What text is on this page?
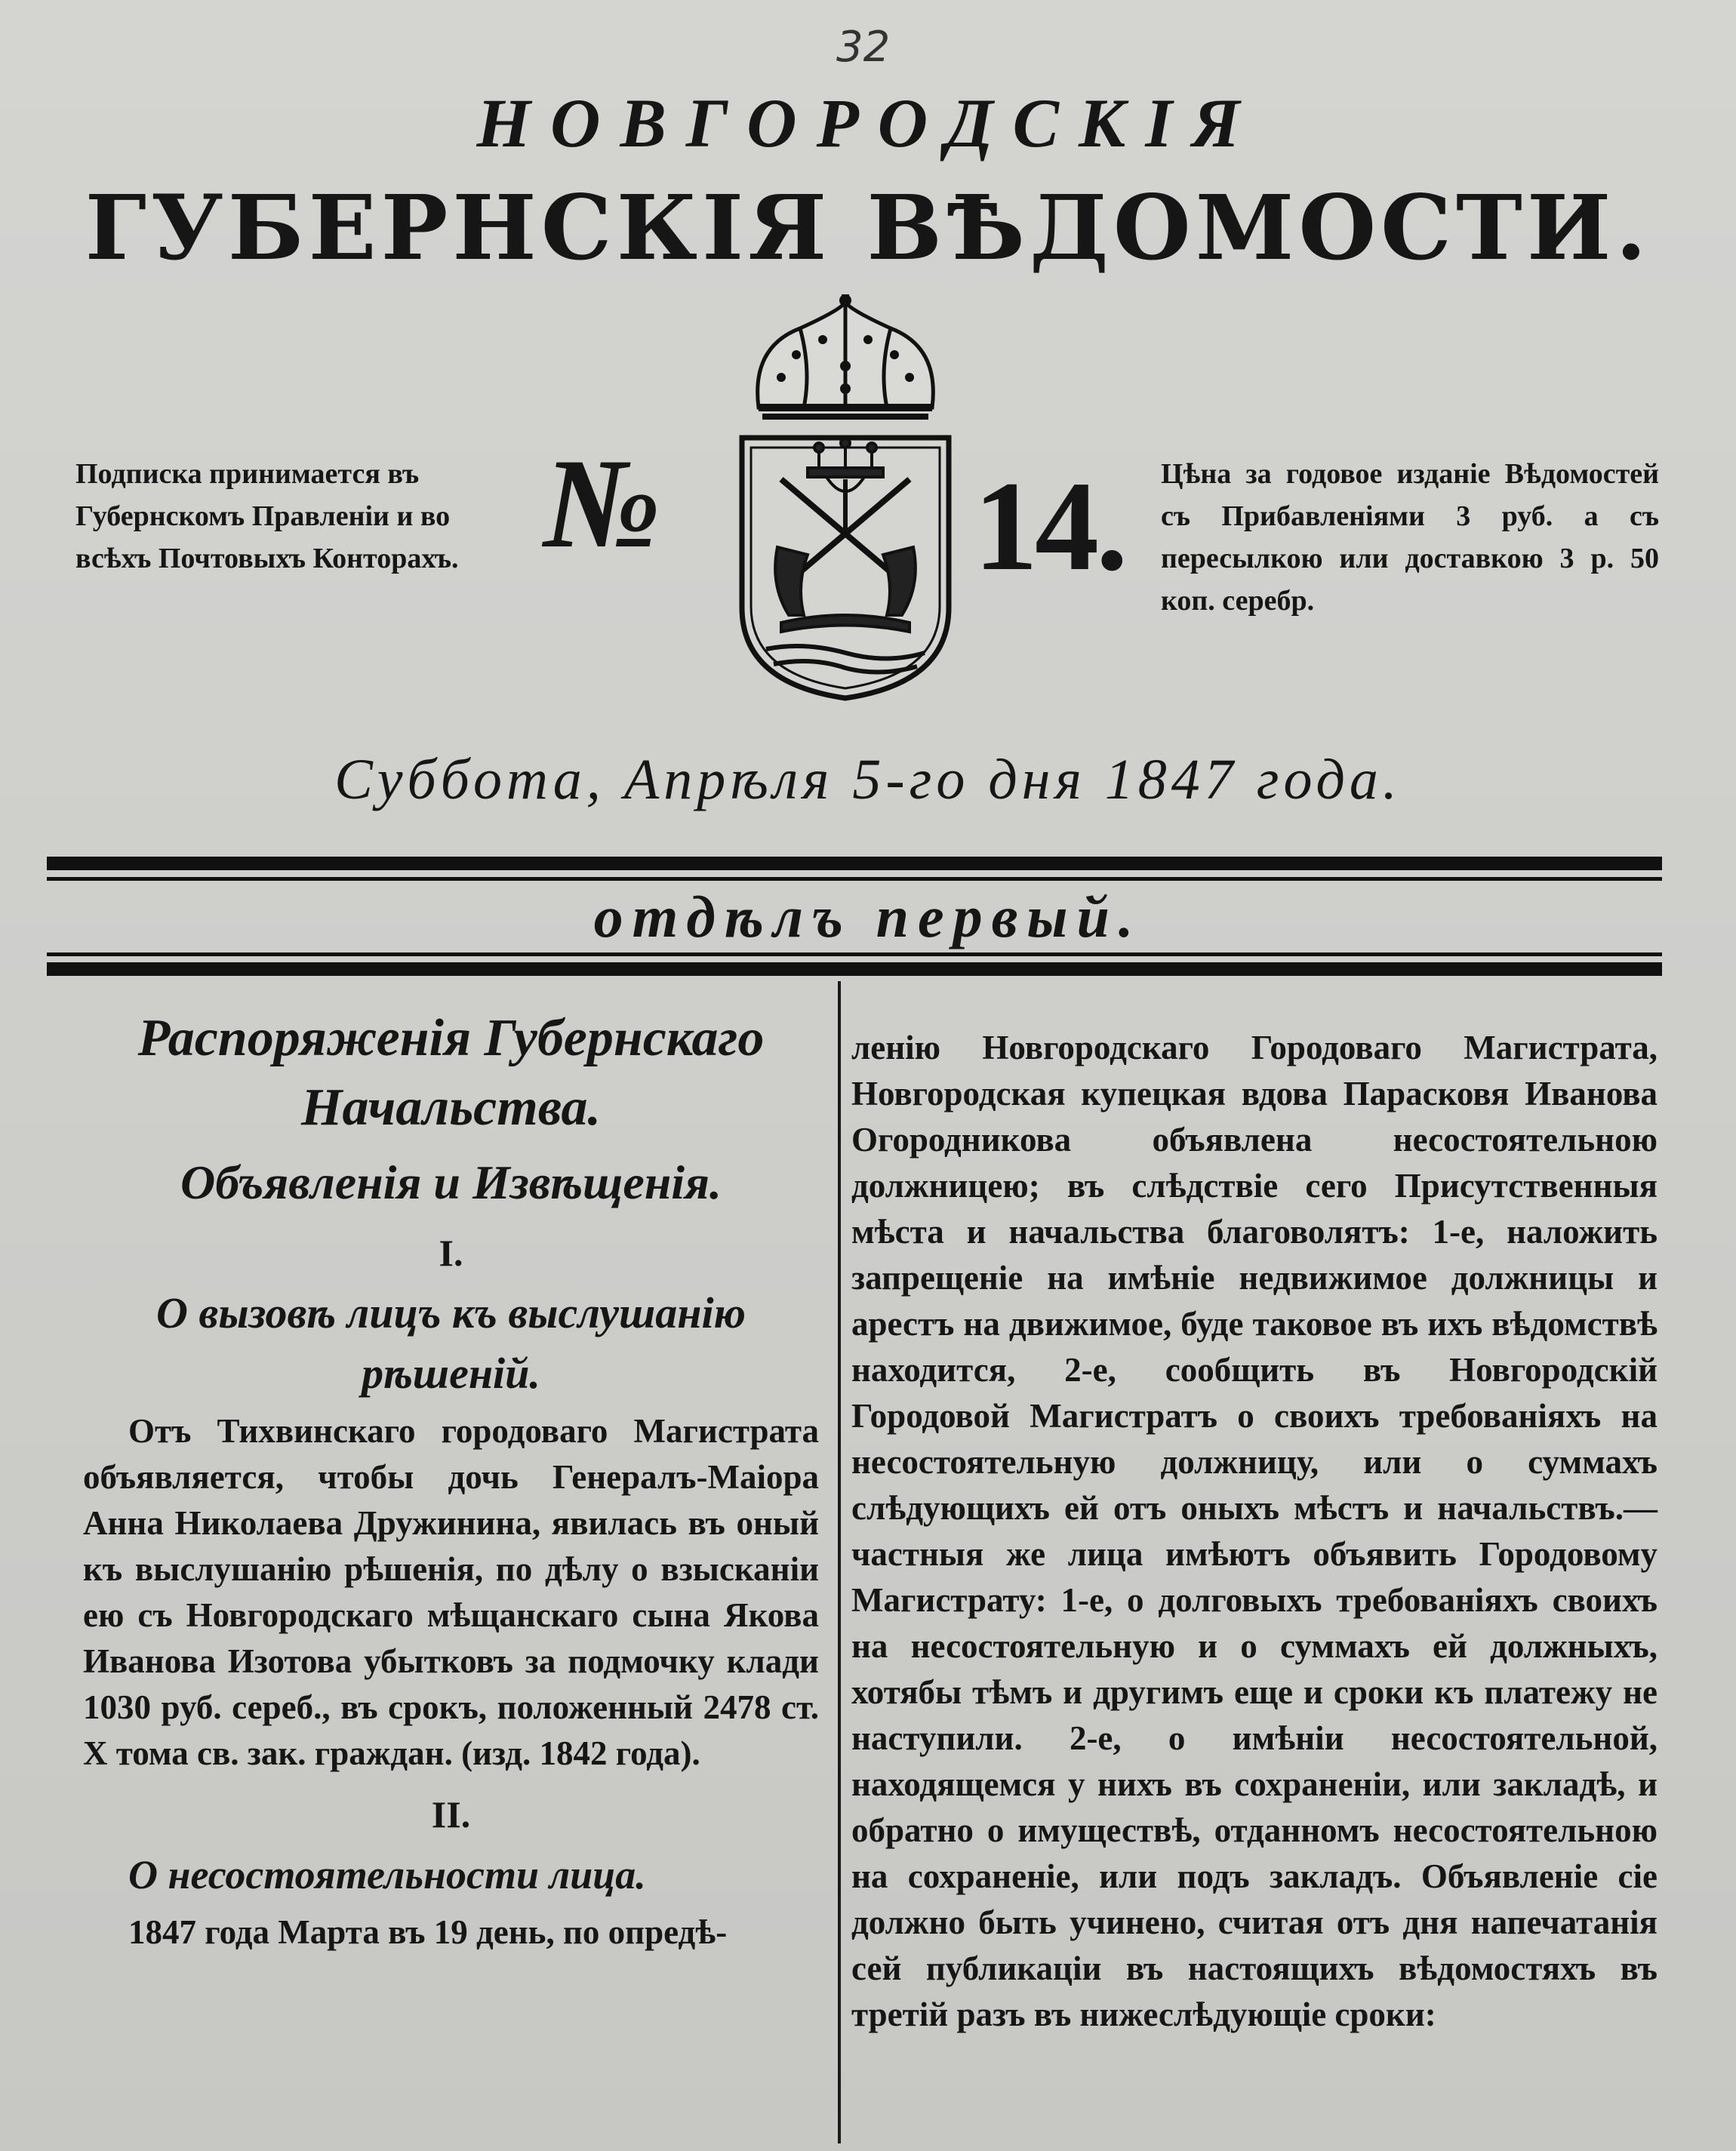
32
НОВГОРОДСКІЯ
ГУБЕРНСКІЯ ВѢДОМОСТИ.
Подписка принимается въ Губернскомъ Правленіи и во всѣхъ Почтовыхъ Конторахъ. № 14. Цѣна за годовое изданіе Вѣдомостей съ Прибавленіями 3 руб. а съ пересылкою или доставкою 3 р. 50 коп. серебр.
Суббота, Апрѣля 5-го дня 1847 года.
отдѣлъ первый.

Распоряженія Губернскаго Начальства.

Объявленія и Извѣщенія.

I.

О вызовѣ лицъ къ выслушанію рѣшеній.

Отъ Тихвинскаго городоваго Магистрата объявляется, чтобы дочь Генералъ-Маіора Анна Николаева Дружинина, явилась въ оный къ выслушанію рѣшенія, по дѣлу о взысканіи ею съ Новгородскаго мѣщанскаго сына Якова Иванова Изотова убытковъ за подмочку клади 1030 руб. сереб., въ срокъ, положенный 2478 ст. X тома св. зак. граждан. (изд. 1842 года).

II.

О несостоятельности лица.

1847 года Марта въ 19 день, по опредѣ-

ленію Новгородскаго Городоваго Магистрата, Новгородская купецкая вдова Парасковя Иванова Огородникова объявлена несостоятельною должницею; въ слѣдствіе сего Присутственныя мѣста и начальства благоволятъ: 1-е, наложить запрещеніе на имѣніе недвижимое должницы и арестъ на движимое, буде таковое въ ихъ вѣдомствѣ находится, 2-е, сообщить въ Новгородскій Городовой Магистратъ о своихъ требованіяхъ на несостоятельную должницу, или о суммахъ слѣдующихъ ей отъ оныхъ мѣстъ и начальствъ.— частныя же лица имѣютъ объявить Городовому Магистрату: 1-е, о долговыхъ требованіяхъ своихъ на несостоятельную и о суммахъ ей должныхъ, хотябы тѣмъ и другимъ еще и сроки къ платежу не наступили. 2-е, о имѣніи несостоятельной, находящемся у нихъ въ сохраненіи, или закладѣ, и обратно о имуществѣ, отданномъ несостоятельною на сохраненіе, или подъ закладъ. Объявленіе сіе должно быть учинено, считая отъ дня напечатанія сей публикаціи въ настоящихъ вѣдомостяхъ въ третій разъ въ нижеслѣдующіе сроки:
